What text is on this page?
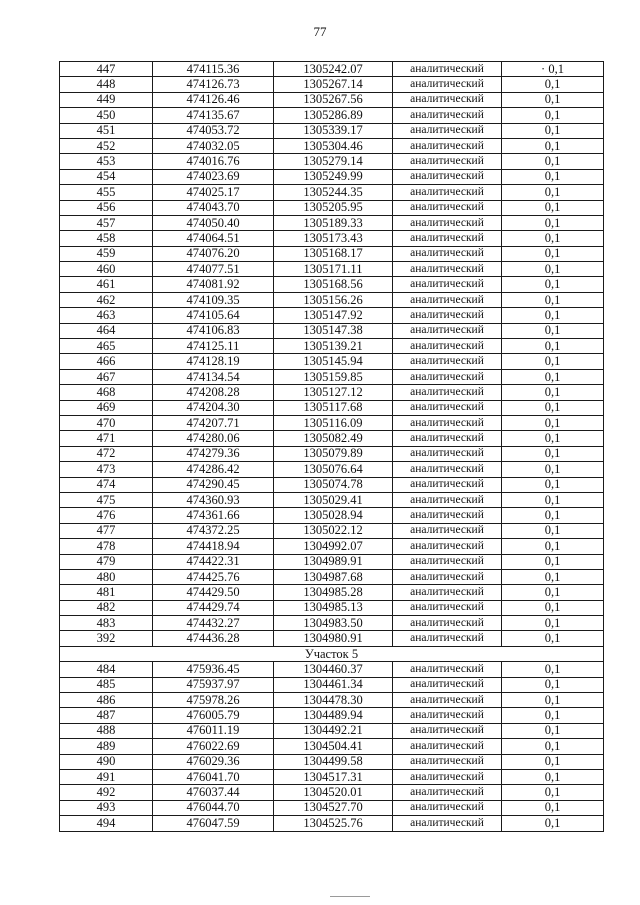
77
447	474115.36	1305242.07	аналитический	· 0,1
448	474126.73	1305267.14	аналитический	0,1
449	474126.46	1305267.56	аналитический	0,1
450	474135.67	1305286.89	аналитический	0,1
451	474053.72	1305339.17	аналитический	0,1
452	474032.05	1305304.46	аналитический	0,1
453	474016.76	1305279.14	аналитический	0,1
454	474023.69	1305249.99	аналитический	0,1
455	474025.17	1305244.35	аналитический	0,1
456	474043.70	1305205.95	аналитический	0,1
457	474050.40	1305189.33	аналитический	0,1
458	474064.51	1305173.43	аналитический	0,1
459	474076.20	1305168.17	аналитический	0,1
460	474077.51	1305171.11	аналитический	0,1
461	474081.92	1305168.56	аналитический	0,1
462	474109.35	1305156.26	аналитический	0,1
463	474105.64	1305147.92	аналитический	0,1
464	474106.83	1305147.38	аналитический	0,1
465	474125.11	1305139.21	аналитический	0,1
466	474128.19	1305145.94	аналитический	0,1
467	474134.54	1305159.85	аналитический	0,1
468	474208.28	1305127.12	аналитический	0,1
469	474204.30	1305117.68	аналитический	0,1
470	474207.71	1305116.09	аналитический	0,1
471	474280.06	1305082.49	аналитический	0,1
472	474279.36	1305079.89	аналитический	0,1
473	474286.42	1305076.64	аналитический	0,1
474	474290.45	1305074.78	аналитический	0,1
475	474360.93	1305029.41	аналитический	0,1
476	474361.66	1305028.94	аналитический	0,1
477	474372.25	1305022.12	аналитический	0,1
478	474418.94	1304992.07	аналитический	0,1
479	474422.31	1304989.91	аналитический	0,1
480	474425.76	1304987.68	аналитический	0,1
481	474429.50	1304985.28	аналитический	0,1
482	474429.74	1304985.13	аналитический	0,1
483	474432.27	1304983.50	аналитический	0,1
392	474436.28	1304980.91	аналитический	0,1
Участок 5				
484	475936.45	1304460.37	аналитический	0,1
485	475937.97	1304461.34	аналитический	0,1
486	475978.26	1304478.30	аналитический	0,1
487	476005.79	1304489.94	аналитический	0,1
488	476011.19	1304492.21	аналитический	0,1
489	476022.69	1304504.41	аналитический	0,1
490	476029.36	1304499.58	аналитический	0,1
491	476041.70	1304517.31	аналитический	0,1
492	476037.44	1304520.01	аналитический	0,1
493	476044.70	1304527.70	аналитический	0,1
494	476047.59	1304525.76	аналитический	0,1
